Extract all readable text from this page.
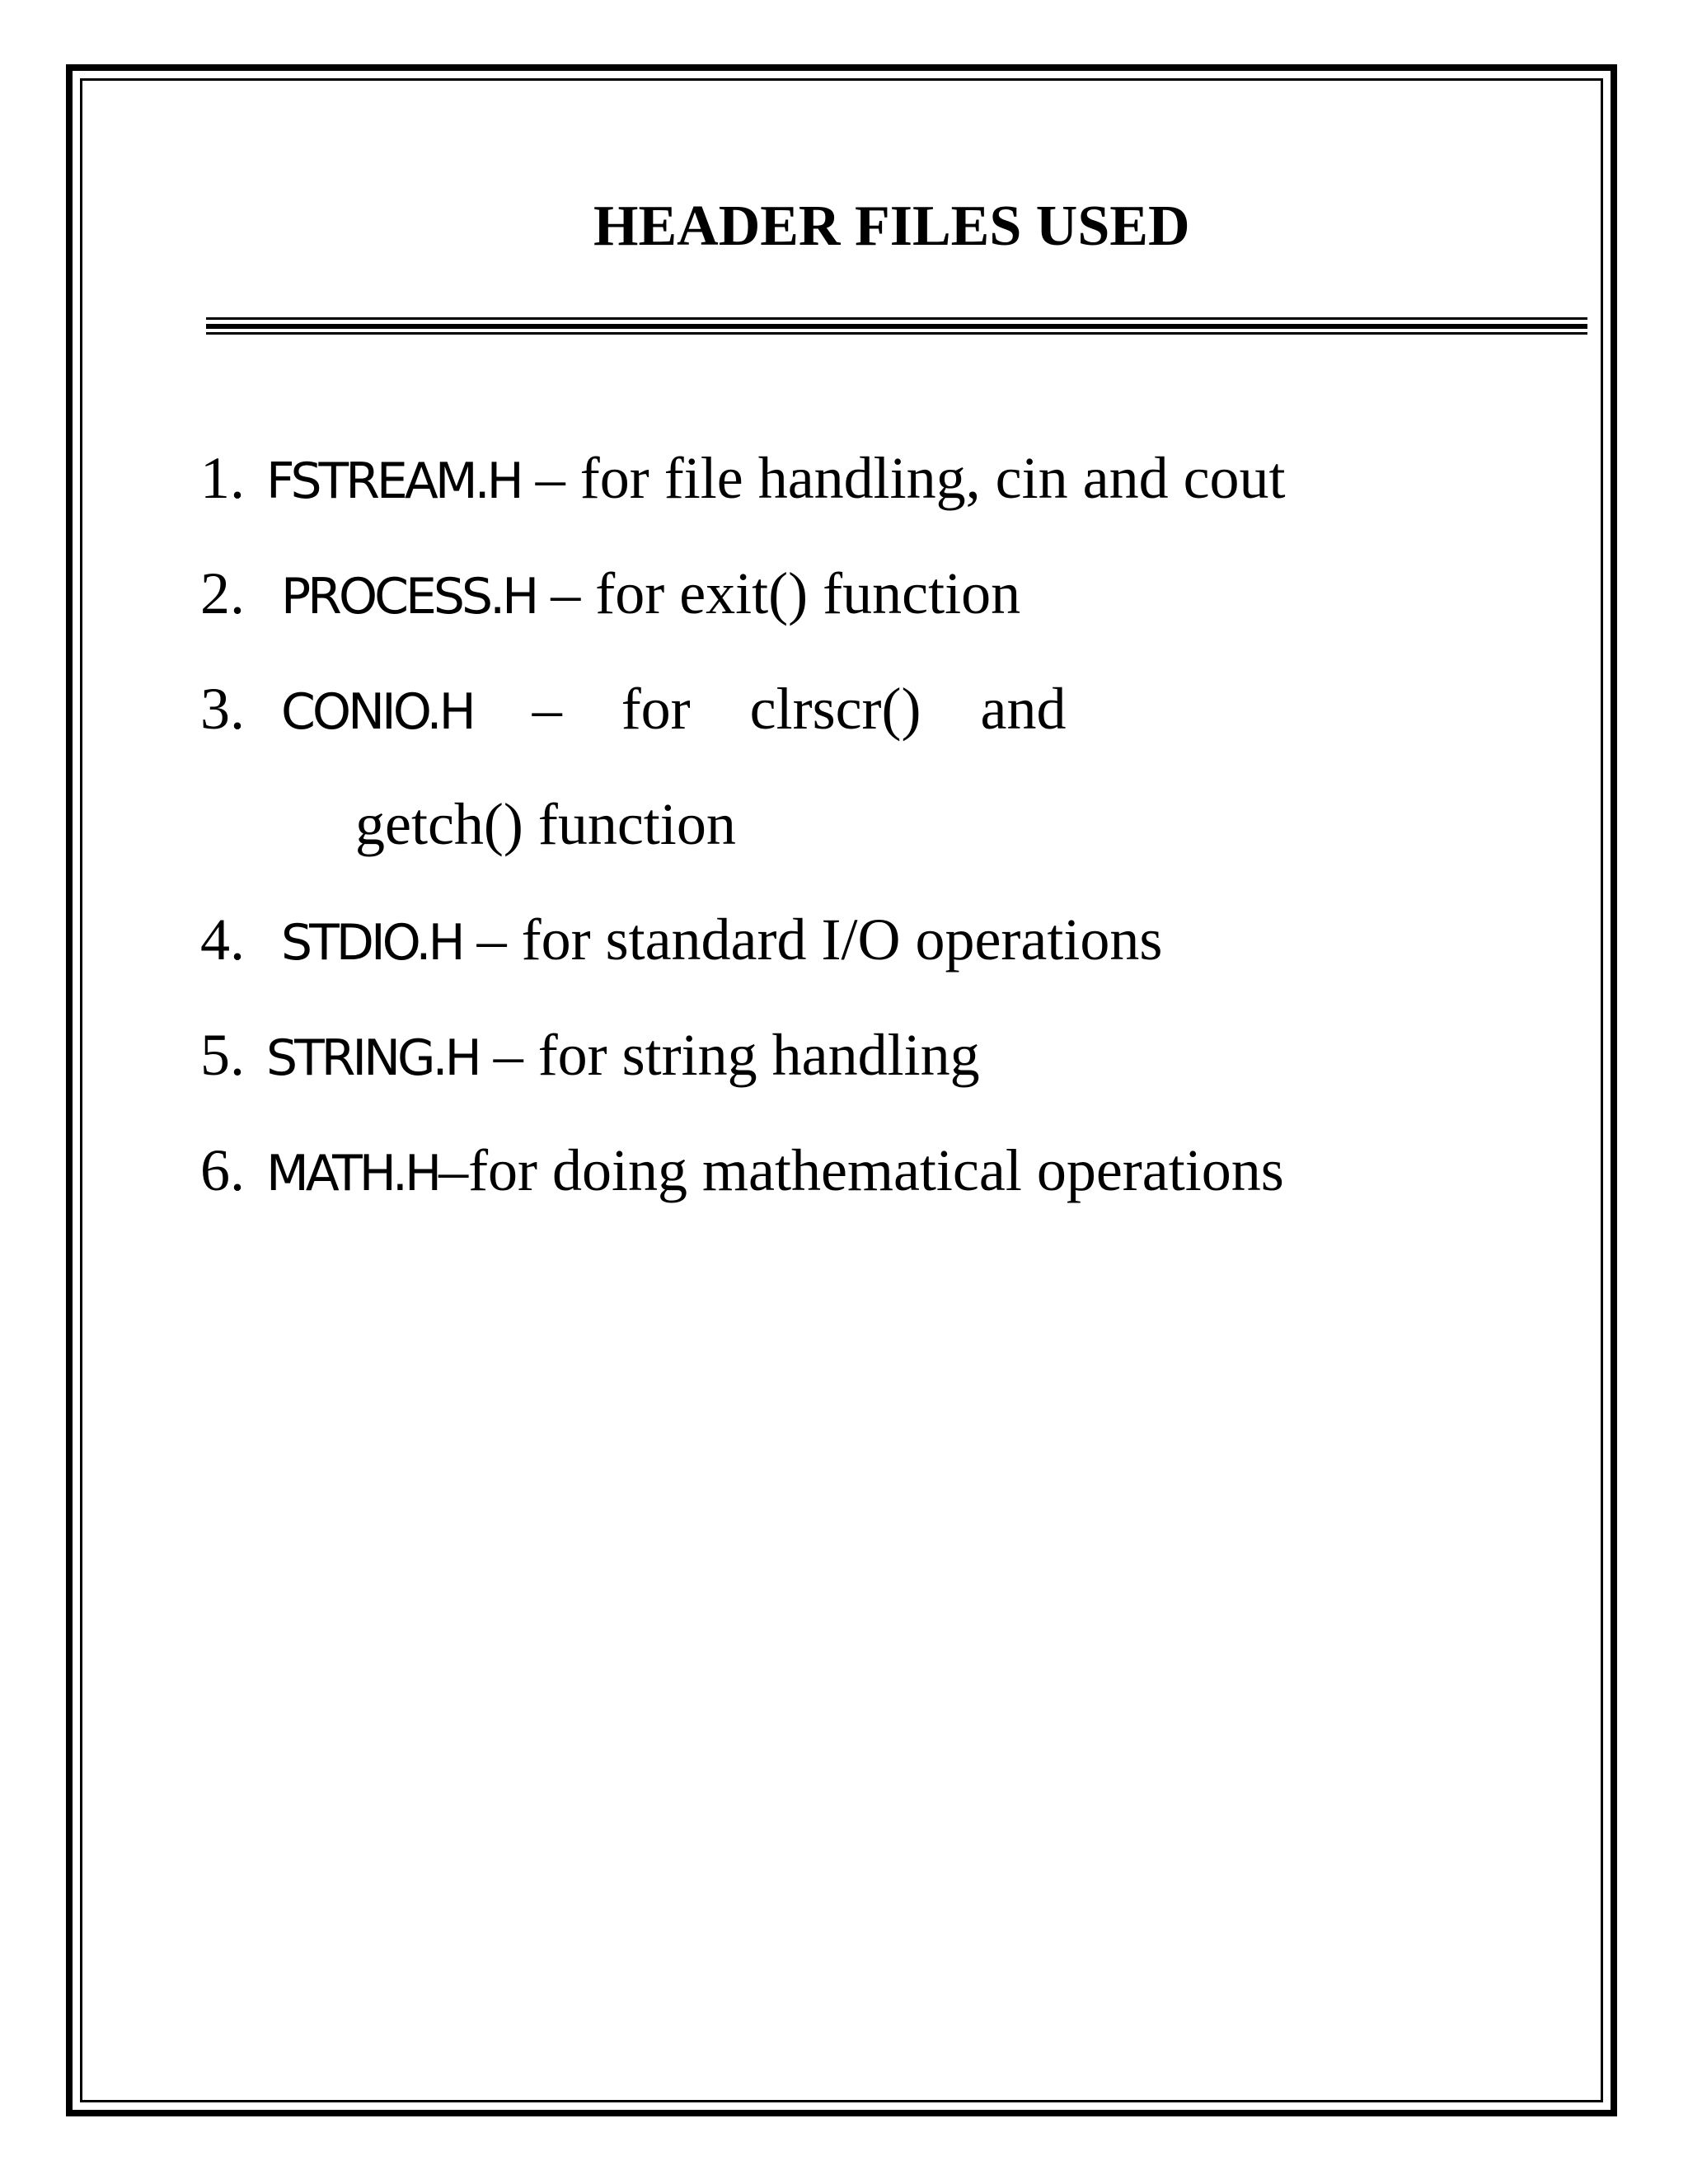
HEADER FILES USED
1. FSTREAM.H – for file handling, cin and cout
2. PROCESS.H – for exit() function
3. CONIO.H    –    for    clrscr()    and
getch() function
4. STDIO.H – for standard I/O operations
5. STRING.H – for string handling
6. MATH.H–for doing mathematical operations
